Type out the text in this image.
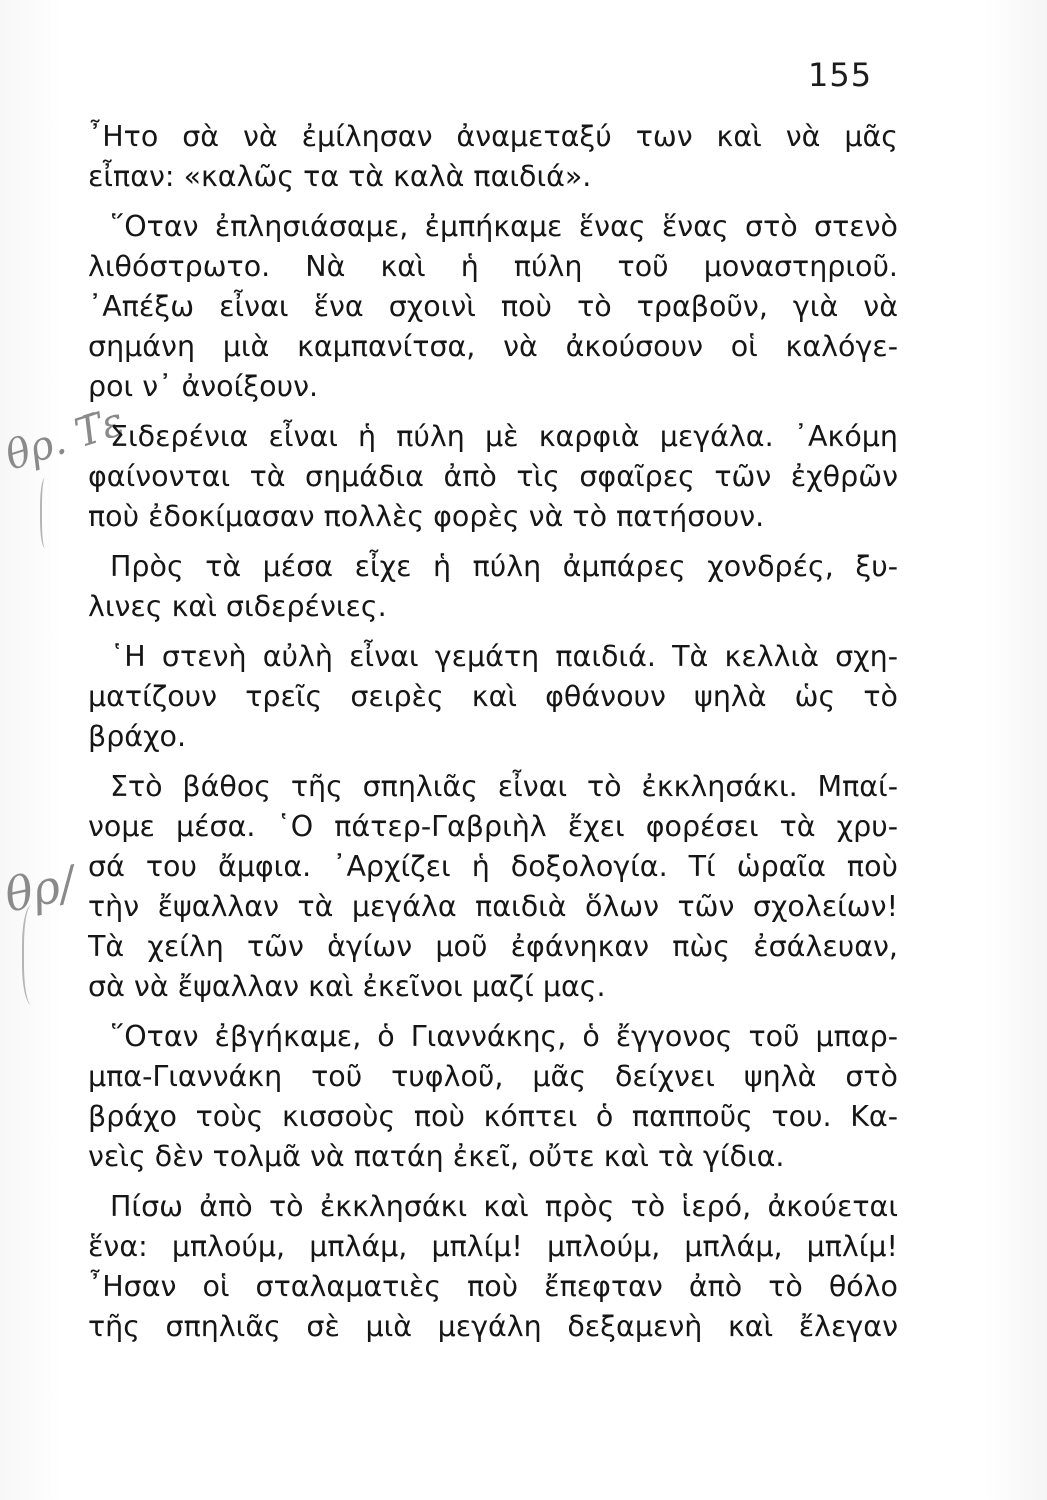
155
θρ. Τ̄ε
θρ/
῏Ητο σὰ νὰ ἐμίλησαν ἀναμεταξύ των καὶ νὰ μᾶς
εἶπαν: «καλῶς τα τὰ καλὰ παιδιά».
῞Οταν ἐπλησιάσαμε, ἐμπήκαμε ἕνας ἕνας στὸ στενὸ
λιθόστρωτο. Νὰ καὶ ἡ πύλη τοῦ μοναστηριοῦ.
᾿Απέξω εἶναι ἕνα σχοινὶ ποὺ τὸ τραβοῦν, γιὰ νὰ
σημάνη μιὰ καμπανίτσα, νὰ ἀκούσουν οἱ καλόγε-
ροι ν᾿ ἀνοίξουν.
Σιδερένια εἶναι ἡ πύλη μὲ καρφιὰ μεγάλα. ᾿Ακόμη
φαίνονται τὰ σημάδια ἀπὸ τὶς σφαῖρες τῶν ἐχθρῶν
ποὺ ἐδοκίμασαν πολλὲς φορὲς νὰ τὸ πατήσουν.
Πρὸς τὰ μέσα εἶχε ἡ πύλη ἀμπάρες χονδρές, ξυ-
λινες καὶ σιδερένιες.
῾Η στενὴ αὐλὴ εἶναι γεμάτη παιδιά. Τὰ κελλιὰ σχη-
ματίζουν τρεῖς σειρὲς καὶ φθάνουν ψηλὰ ὡς τὸ
βράχο.
Στὸ βάθος τῆς σπηλιᾶς εἶναι τὸ ἐκκλησάκι. Μπαί-
νομε μέσα. ῾Ο πάτερ-Γαβριὴλ ἔχει φορέσει τὰ χρυ-
σά του ἄμφια. ᾿Αρχίζει ἡ δοξολογία. Τί ὡραῖα ποὺ
τὴν ἔψαλλαν τὰ μεγάλα παιδιὰ ὅλων τῶν σχολείων!
Τὰ χείλη τῶν ἁγίων μοῦ ἐφάνηκαν πὼς ἐσάλευαν,
σὰ νὰ ἔψαλλαν καὶ ἐκεῖνοι μαζί μας.
῞Οταν ἐβγήκαμε, ὁ Γιαννάκης, ὁ ἔγγονος τοῦ μπαρ-
μπα-Γιαννάκη τοῦ τυφλοῦ, μᾶς δείχνει ψηλὰ στὸ
βράχο τοὺς κισσοὺς ποὺ κόπτει ὁ παπποῦς του. Κα-
νεὶς δὲν τολμᾶ νὰ πατάη ἐκεῖ, οὔτε καὶ τὰ γίδια.
Πίσω ἀπὸ τὸ ἐκκλησάκι καὶ πρὸς τὸ ἱερό, ἀκούεται
ἕνα: μπλούμ, μπλάμ, μπλίμ! μπλούμ, μπλάμ, μπλίμ!
῏Ησαν οἱ σταλαματιὲς ποὺ ἔπεφταν ἀπὸ τὸ θόλο
τῆς σπηλιᾶς σὲ μιὰ μεγάλη δεξαμενὴ καὶ ἔλεγαν
